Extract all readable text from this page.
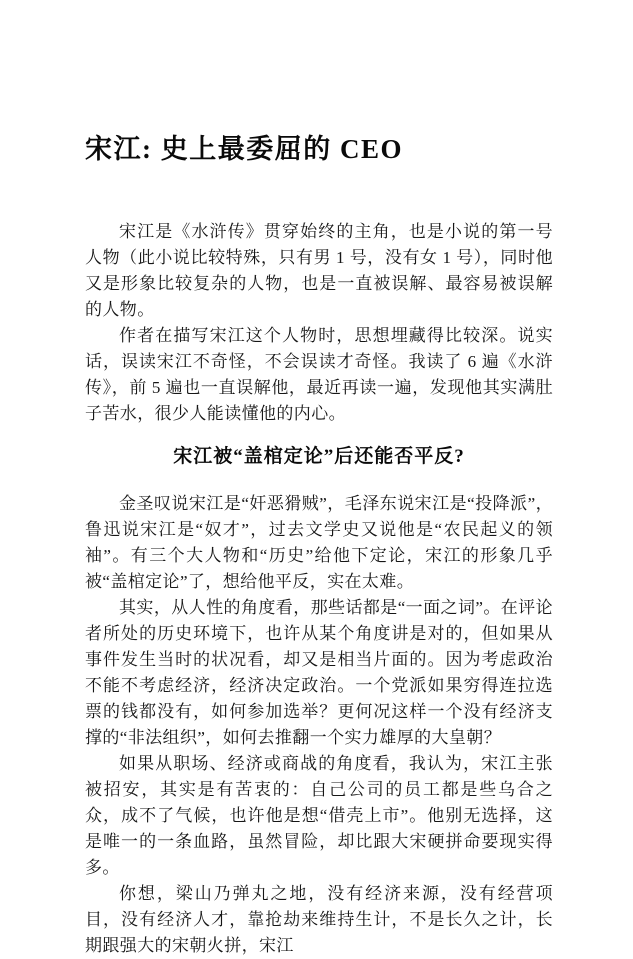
宋江: 史上最委屈的 CEO

宋江是《水浒传》贯穿始终的主角，也是小说的第一号人物（此小说比较特殊，只有男 1 号，没有女 1 号），同时他又是形象比较复杂的人物，也是一直被误解、最容易被误解的人物。

作者在描写宋江这个人物时，思想埋藏得比较深。说实话，误读宋江不奇怪，不会误读才奇怪。我读了 6 遍《水浒传》，前 5 遍也一直误解他，最近再读一遍，发现他其实满肚子苦水，很少人能读懂他的内心。

宋江被“盖棺定论”后还能否平反?

金圣叹说宋江是“奸恶猾贼”，毛泽东说宋江是“投降派”，鲁迅说宋江是“奴才”，过去文学史又说他是“农民起义的领袖”。有三个大人物和“历史”给他下定论，宋江的形象几乎被“盖棺定论”了，想给他平反，实在太难。

其实，从人性的角度看，那些话都是“一面之词”。在评论者所处的历史环境下，也许从某个角度讲是对的，但如果从事件发生当时的状况看，却又是相当片面的。因为考虑政治不能不考虑经济，经济决定政治。一个党派如果穷得连拉选票的钱都没有，如何参加选举？更何况这样一个没有经济支撑的“非法组织”，如何去推翻一个实力雄厚的大皇朝？

如果从职场、经济或商战的角度看，我认为，宋江主张被招安，其实是有苦衷的：自己公司的员工都是些乌合之众，成不了气候，也许他是想“借壳上市”。他别无选择，这是唯一的一条血路，虽然冒险，却比跟大宋硬拼命要现实得多。

你想，梁山乃弹丸之地，没有经济来源，没有经营项目，没有经济人才，靠抢劫来维持生计，不是长久之计，长期跟强大的宋朝火拼，宋江
